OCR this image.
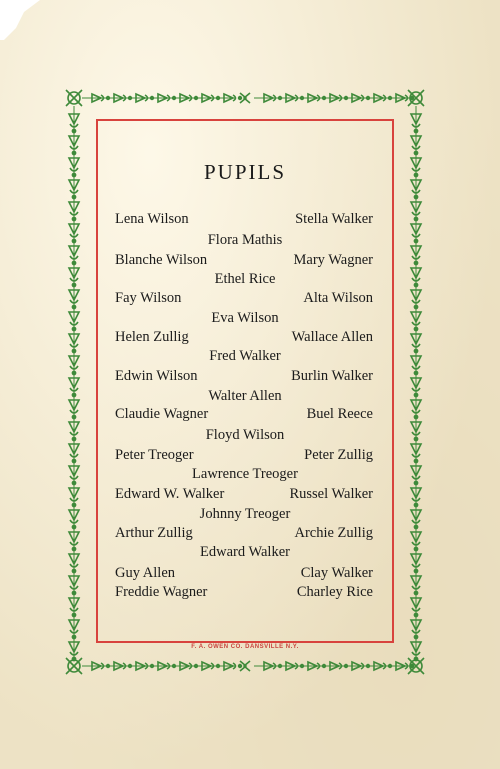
PUPILS
Lena Wilson	Stella Walker
Flora Mathis
Blanche Wilson	Mary Wagner
Ethel Rice
Fay Wilson	Alta Wilson
Eva Wilson
Helen Zullig	Wallace Allen
Fred Walker
Edwin Wilson	Burlin Walker
Walter Allen
Claudie Wagner	Buel Reece
Floyd Wilson
Peter Treoger	Peter Zullig
Lawrence Treoger
Edward W. Walker	Russel Walker
Johnny Treoger
Arthur Zullig	Archie Zullig
Edward Walker
Guy Allen	Clay Walker
Freddie Wagner	Charley Rice
F. A. OWEN CO. DANSVILLE N.Y.
